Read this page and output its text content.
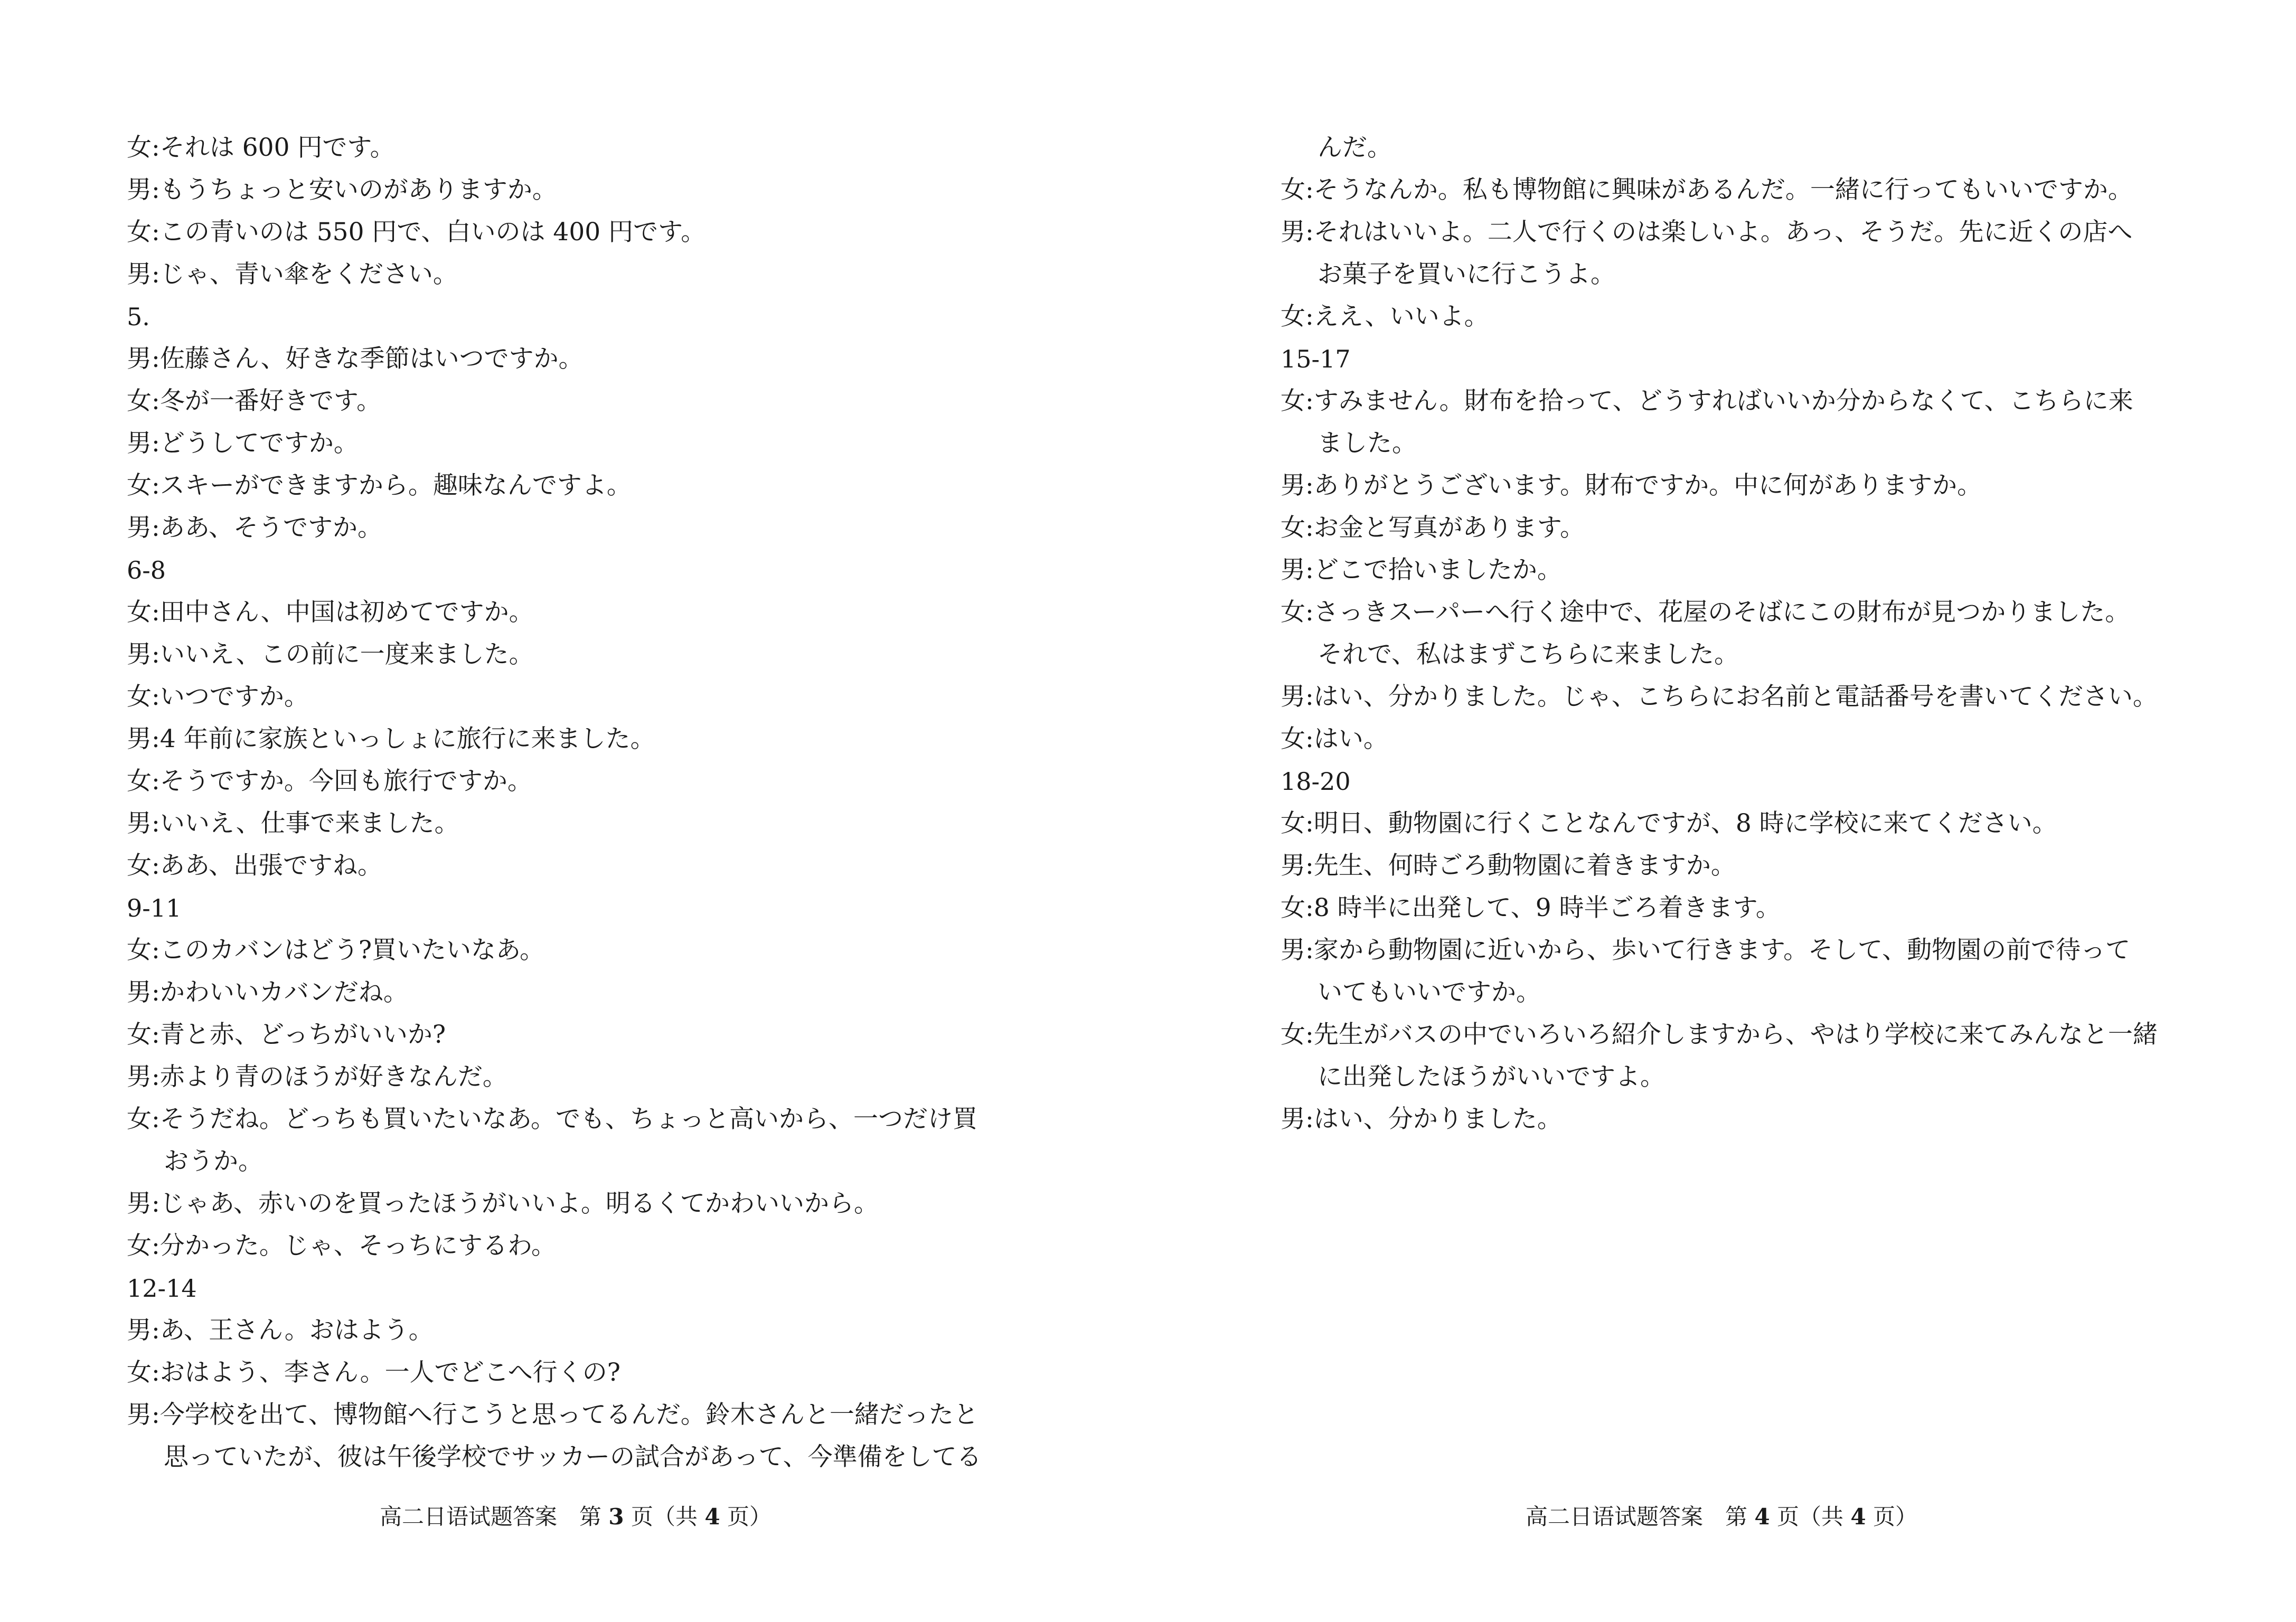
女:それは 600 円です。
男:もうちょっと安いのがありますか。
女:この青いのは 550 円で、白いのは 400 円です。
男:じゃ、青い傘をください。
5.
男:佐藤さん、好きな季節はいつですか。
女:冬が一番好きです。
男:どうしてですか。
女:スキーができますから。趣味なんですよ。
男:ああ、そうですか。
6-8
女:田中さん、中国は初めてですか。
男:いいえ、この前に一度来ました。
女:いつですか。
男:4 年前に家族といっしょに旅行に来ました。
女:そうですか。今回も旅行ですか。
男:いいえ、仕事で来ました。
女:ああ、出張ですね。
9-11
女:このカバンはどう?買いたいなあ。
男:かわいいカバンだね。
女:青と赤、どっちがいいか?
男:赤より青のほうが好きなんだ。
女:そうだね。どっちも買いたいなあ。でも、ちょっと高いから、一つだけ買
おうか。
男:じゃあ、赤いのを買ったほうがいいよ。明るくてかわいいから。
女:分かった。じゃ、そっちにするわ。
12-14
男:あ、王さん。おはよう。
女:おはよう、李さん。一人でどこへ行くの?
男:今学校を出て、博物館へ行こうと思ってるんだ。鈴木さんと一緒だったと
思っていたが、彼は午後学校でサッカーの試合があって、今準備をしてる
んだ。
女:そうなんか。私も博物館に興味があるんだ。一緒に行ってもいいですか。
男:それはいいよ。二人で行くのは楽しいよ。あっ、そうだ。先に近くの店へ
お菓子を買いに行こうよ。
女:ええ、いいよ。
15-17
女:すみません。財布を拾って、どうすればいいか分からなくて、こちらに来
ました。
男:ありがとうございます。財布ですか。中に何がありますか。
女:お金と写真があります。
男:どこで拾いましたか。
女:さっきスーパーへ行く途中で、花屋のそばにこの財布が見つかりました。
それで、私はまずこちらに来ました。
男:はい、分かりました。じゃ、こちらにお名前と電話番号を書いてください。
女:はい。
18-20
女:明日、動物園に行くことなんですが、8 時に学校に来てください。
男:先生、何時ごろ動物園に着きますか。
女:8 時半に出発して、9 時半ごろ着きます。
男:家から動物園に近いから、歩いて行きます。そして、動物園の前で待って
いてもいいですか。
女:先生がバスの中でいろいろ紹介しますから、やはり学校に来てみんなと一緒
に出発したほうがいいですよ。
男:はい、分かりました。
高二日语试题答案　第 3 页（共 4 页）	高二日语试题答案　第 4 页（共 4 页）
